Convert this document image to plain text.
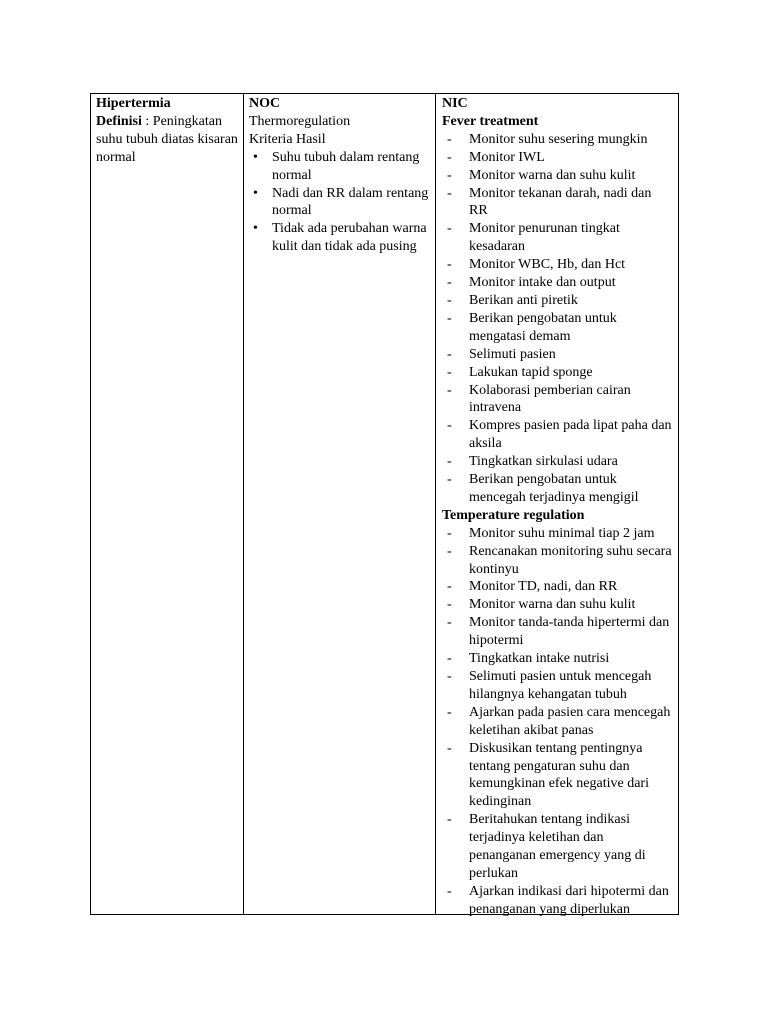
Hipertermia
Definisi : Peningkatan suhu tubuh diatas kisaran normal
NOC
Thermoregulation
Kriteria Hasil
• Suhu tubuh dalam rentang normal
• Nadi dan RR dalam rentang normal
• Tidak ada perubahan warna kulit dan tidak ada pusing
NIC
Fever treatment
- Monitor suhu sesering mungkin
- Monitor IWL
- Monitor warna dan suhu kulit
- Monitor tekanan darah, nadi dan RR
- Monitor penurunan tingkat kesadaran
- Monitor WBC, Hb, dan Hct
- Monitor intake dan output
- Berikan anti piretik
- Berikan pengobatan untuk mengatasi demam
- Selimuti pasien
- Lakukan tapid sponge
- Kolaborasi pemberian cairan intravena
- Kompres pasien pada lipat paha dan aksila
- Tingkatkan sirkulasi udara
- Berikan pengobatan untuk mencegah terjadinya mengigil
Temperature regulation
- Monitor suhu minimal tiap 2 jam
- Rencanakan monitoring suhu secara kontinyu
- Monitor TD, nadi, dan RR
- Monitor warna dan suhu kulit
- Monitor tanda-tanda hipertermi dan hipotermi
- Tingkatkan intake nutrisi
- Selimuti pasien untuk mencegah hilangnya kehangatan tubuh
- Ajarkan pada pasien cara mencegah keletihan akibat panas
- Diskusikan tentang pentingnya tentang pengaturan suhu dan kemungkinan efek negative dari kedinginan
- Beritahukan tentang indikasi terjadinya keletihan dan penanganan emergency yang di perlukan
- Ajarkan indikasi dari hipotermi dan penanganan yang diperlukan
